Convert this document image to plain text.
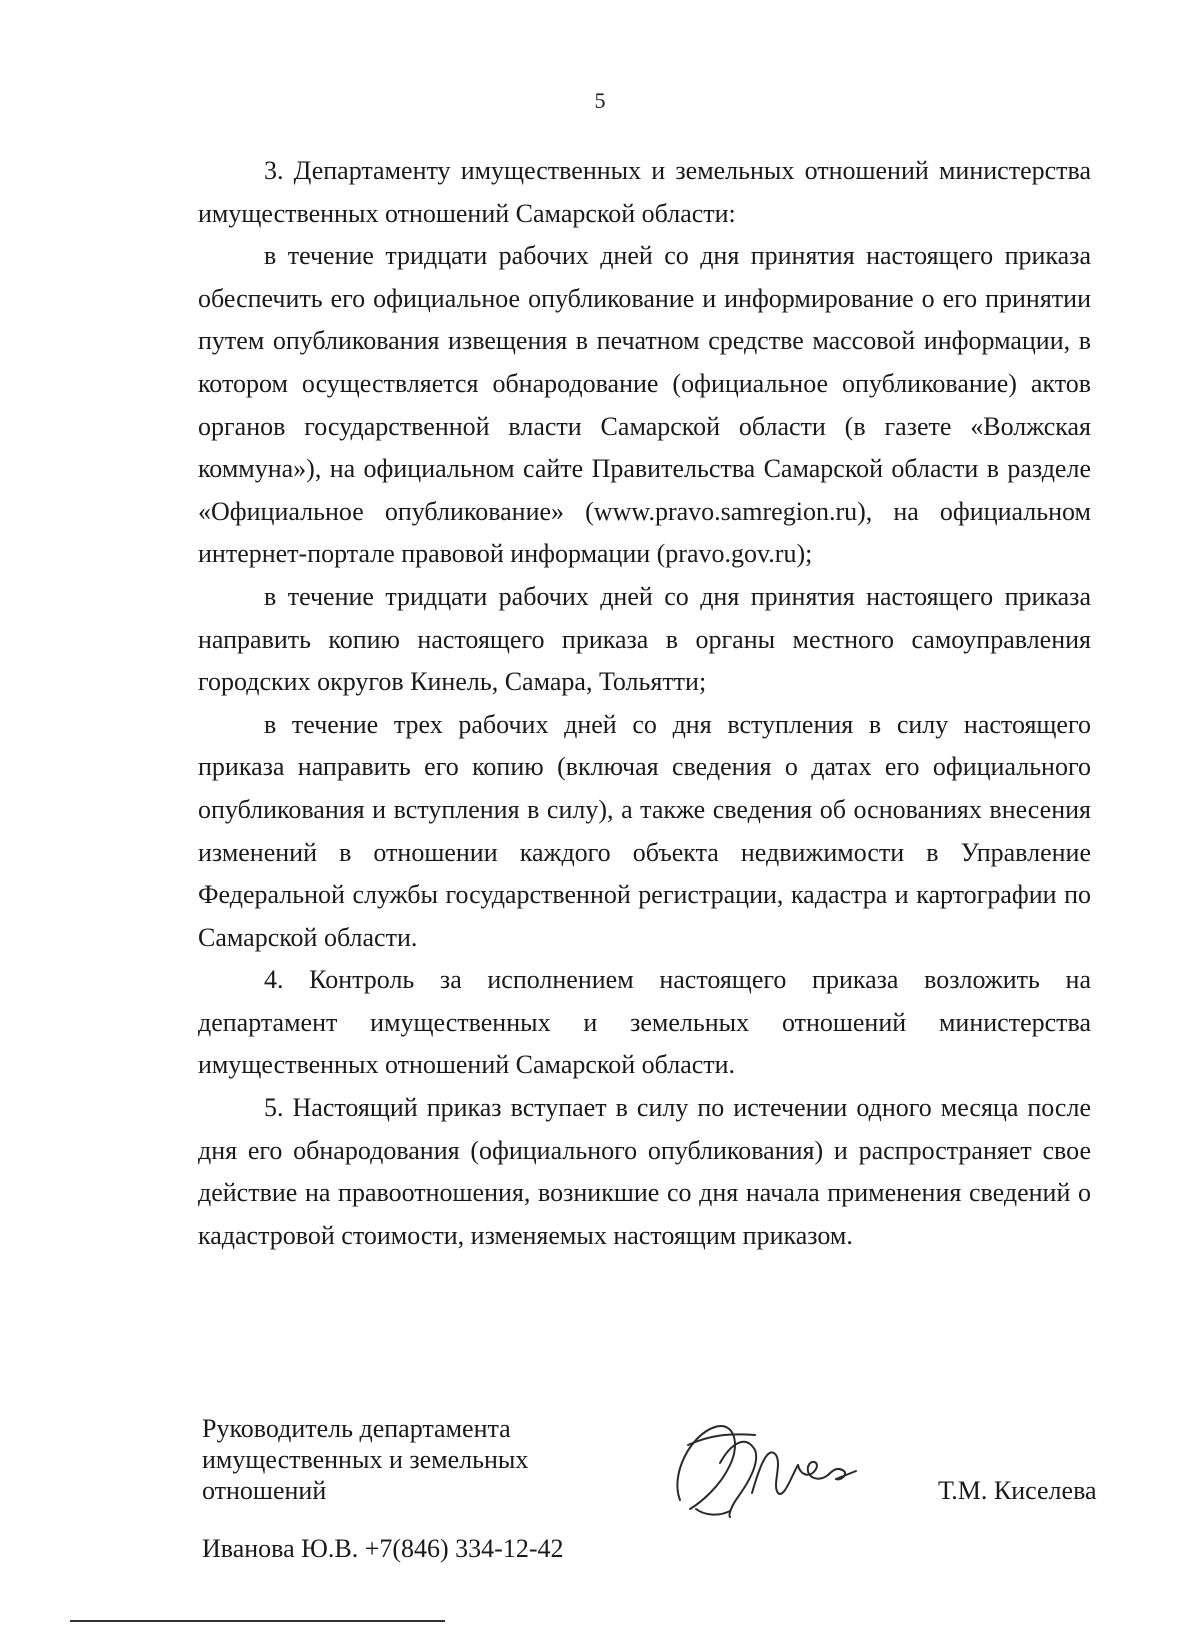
5

3. Департаменту имущественных и земельных отношений министерства имущественных отношений Самарской области:

в течение тридцати рабочих дней со дня принятия настоящего приказа обеспечить его официальное опубликование и информирование о его принятии путем опубликования извещения в печатном средстве массовой информации, в котором осуществляется обнародование (официальное опубликование) актов органов государственной власти Самарской области (в газете «Волжская коммуна»), на официальном сайте Правительства Самарской области в разделе «Официальное опубликование» (www.pravo.samregion.ru), на официальном интернет-портале правовой информации (pravo.gov.ru);

в течение тридцати рабочих дней со дня принятия настоящего приказа направить копию настоящего приказа в органы местного самоуправления городских округов Кинель, Самара, Тольятти;

в течение трех рабочих дней со дня вступления в силу настоящего приказа направить его копию (включая сведения о датах его официального опубликования и вступления в силу), а также сведения об основаниях внесения изменений в отношении каждого объекта недвижимости в Управление Федеральной службы государственной регистрации, кадастра и картографии по Самарской области.

4. Контроль за исполнением настоящего приказа возложить на департамент имущественных и земельных отношений министерства имущественных отношений Самарской области.

5. Настоящий приказ вступает в силу по истечении одного месяца после дня его обнародования (официального опубликования) и распространяет свое действие на правоотношения, возникшие со дня начала применения сведений о кадастровой стоимости, изменяемых настоящим приказом.

Руководитель департамента
имущественных и земельных
отношений	Т.М. Киселева
Иванова Ю.В. +7(846) 334-12-42
